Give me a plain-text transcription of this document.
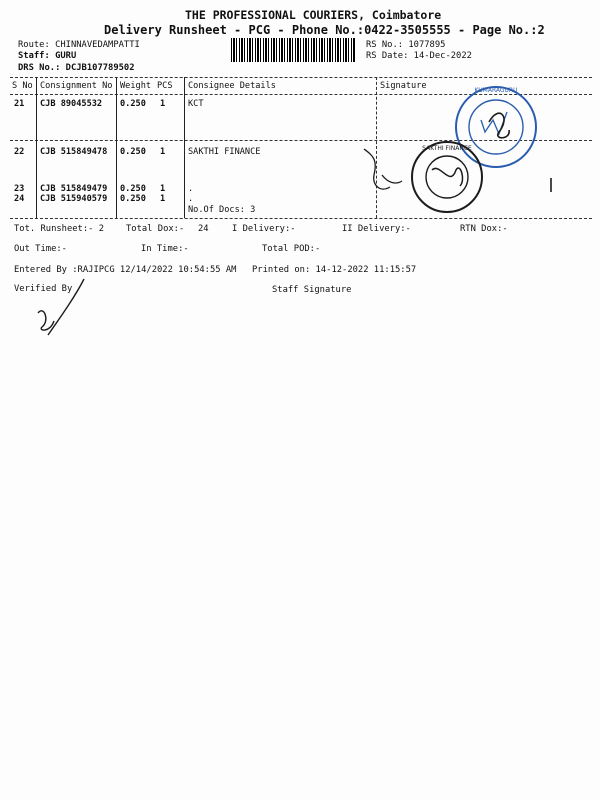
THE PROFESSIONAL COURIERS, Coimbatore
Delivery Runsheet - PCG - Phone No.:0422-3505555 - Page No.:2
Route: CHINNAVEDAMPATTI
Staff: GURU
DRS No.: DCJB107789502
RS No.: 1077895
RS Date: 14-Dec-2022
S No Consignment No Weight PCS Consignee Details	Signature
21 CJB 89045532 0.250 1	KCT
22 CJB 515849478 0.250 1	SAKTHI FINANCE
23 CJB 515849479 0.250 1	.
24 CJB 515940579 0.250 1	.
No.Of Docs: 3
Tot. Runsheet:- 2 Total Dox:- 24	I Delivery:-	II Delivery:-	RTN Dox:-
Out Time:-	In Time:-	Total POD:-
Entered By :RAJIPCG 12/14/2022 10:54:55 AM Printed on: 14-12-2022 11:15:57
Verified By	Staff Signature
KUMARAGURU
SAKTHI FINANCE
